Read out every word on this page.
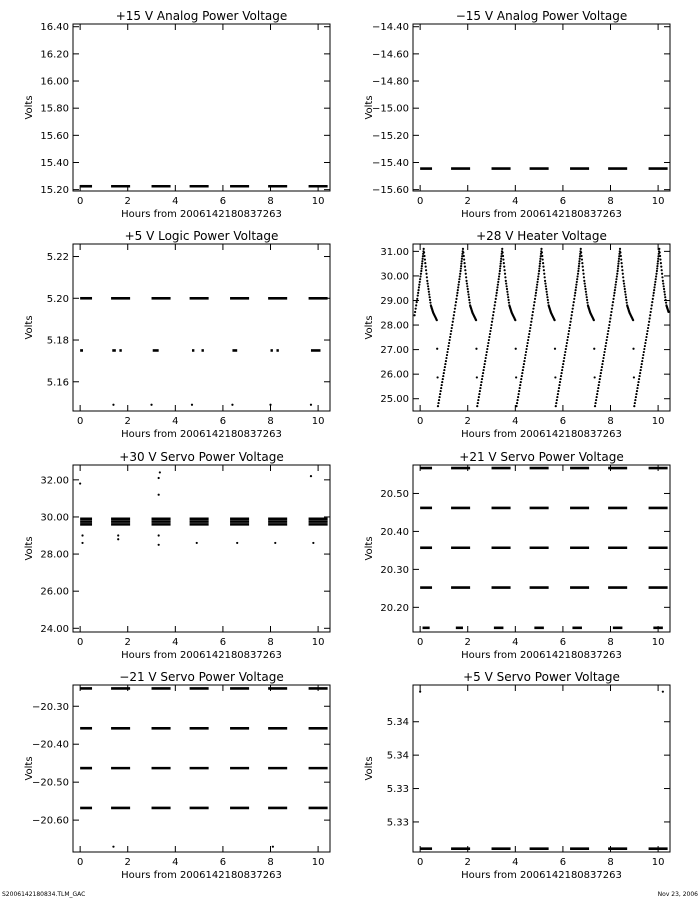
+15 V Analog Power Voltage
Hours from 2006142180837263
Volts
0	2	4	6	8	10
15.20
15.40
15.60
15.80
16.00
16.20
16.40
−15 V Analog Power Voltage
Hours from 2006142180837263
Volts
0	2	4	6	8	10
−14.40
−14.60
−14.80
−15.00
−15.20
−15.40
−15.60
+5 V Logic Power Voltage
Hours from 2006142180837263
Volts
0	2	4	6	8	10
5.16
5.18
5.20
5.22
+28 V Heater Voltage
Hours from 2006142180837263
Volts
0	2	4	6	8	10
25.00
26.00
27.00
28.00
29.00
30.00
31.00
+30 V Servo Power Voltage
Hours from 2006142180837263
Volts
0	2	4	6	8	10
24.00
26.00
28.00
30.00
32.00
+21 V Servo Power Voltage
Hours from 2006142180837263
Volts
0	2	4	6	8	10
20.20
20.30
20.40
20.50
−21 V Servo Power Voltage
Hours from 2006142180837263
Volts
0	2	4	6	8	10
−20.30
−20.40
−20.50
−20.60
+5 V Servo Power Voltage
Hours from 2006142180837263
Volts
0	2	4	6	8	10
5.33
5.33
5.34
5.34
S2006142180834.TLM_GAC	Nov 23, 2006
